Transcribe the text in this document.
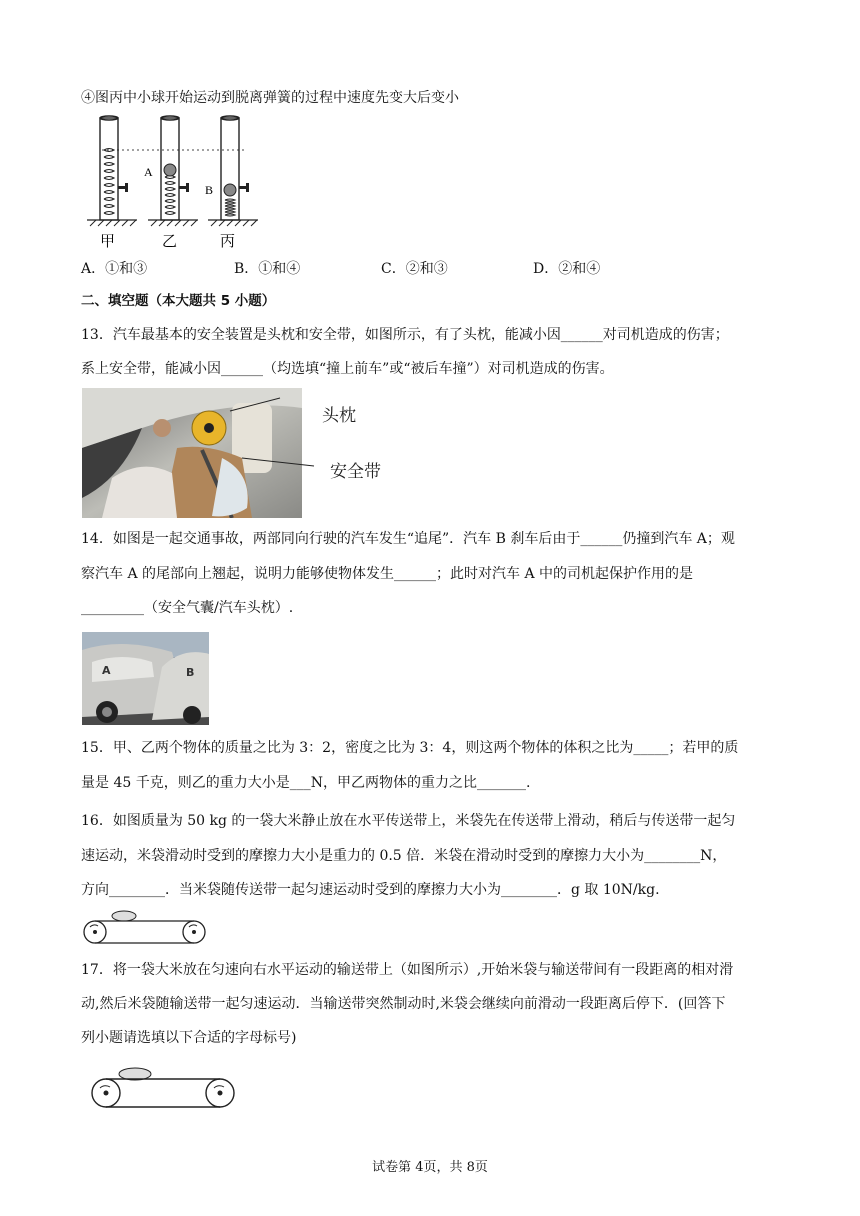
④图丙中小球开始运动到脱离弹簧的过程中速度先变大后变小
A
B
甲	乙	丙
A．①和③	B．①和④	C．②和③	D．②和④
二、填空题（本大题共 5 小题）
13．汽车最基本的安全装置是头枕和安全带，如图所示，有了头枕，能减小因______对司机造成的伤害；
系上安全带，能减小因______（均选填“撞上前车”或“被后车撞”）对司机造成的伤害。
头枕
安全带
14．如图是一起交通事故，两部同向行驶的汽车发生“追尾”．汽车 B 刹车后由于______仍撞到汽车 A；观
察汽车 A 的尾部向上翘起，说明力能够使物体发生______；此时对汽车 A 中的司机起保护作用的是
_________（安全气囊/汽车头枕）.
A	B
15．甲、乙两个物体的质量之比为 3：2，密度之比为 3：4，则这两个物体的体积之比为_____；若甲的质
量是 45 千克，则乙的重力大小是___N，甲乙两物体的重力之比_______.
16．如图质量为 50 kg 的一袋大米静止放在水平传送带上，米袋先在传送带上滑动，稍后与传送带一起匀
速运动，米袋滑动时受到的摩擦力大小是重力的 0.5 倍．米袋在滑动时受到的摩擦力大小为________N，
方向________．当米袋随传送带一起匀速运动时受到的摩擦力大小为________．g 取 10N/kg.
17．将一袋大米放在匀速向右水平运动的输送带上（如图所示）,开始米袋与输送带间有一段距离的相对滑
动,然后米袋随输送带一起匀速运动．当输送带突然制动时,米袋会继续向前滑动一段距离后停下．(回答下
列小题请选填以下合适的字母标号)
试卷第 4页，共 8页
